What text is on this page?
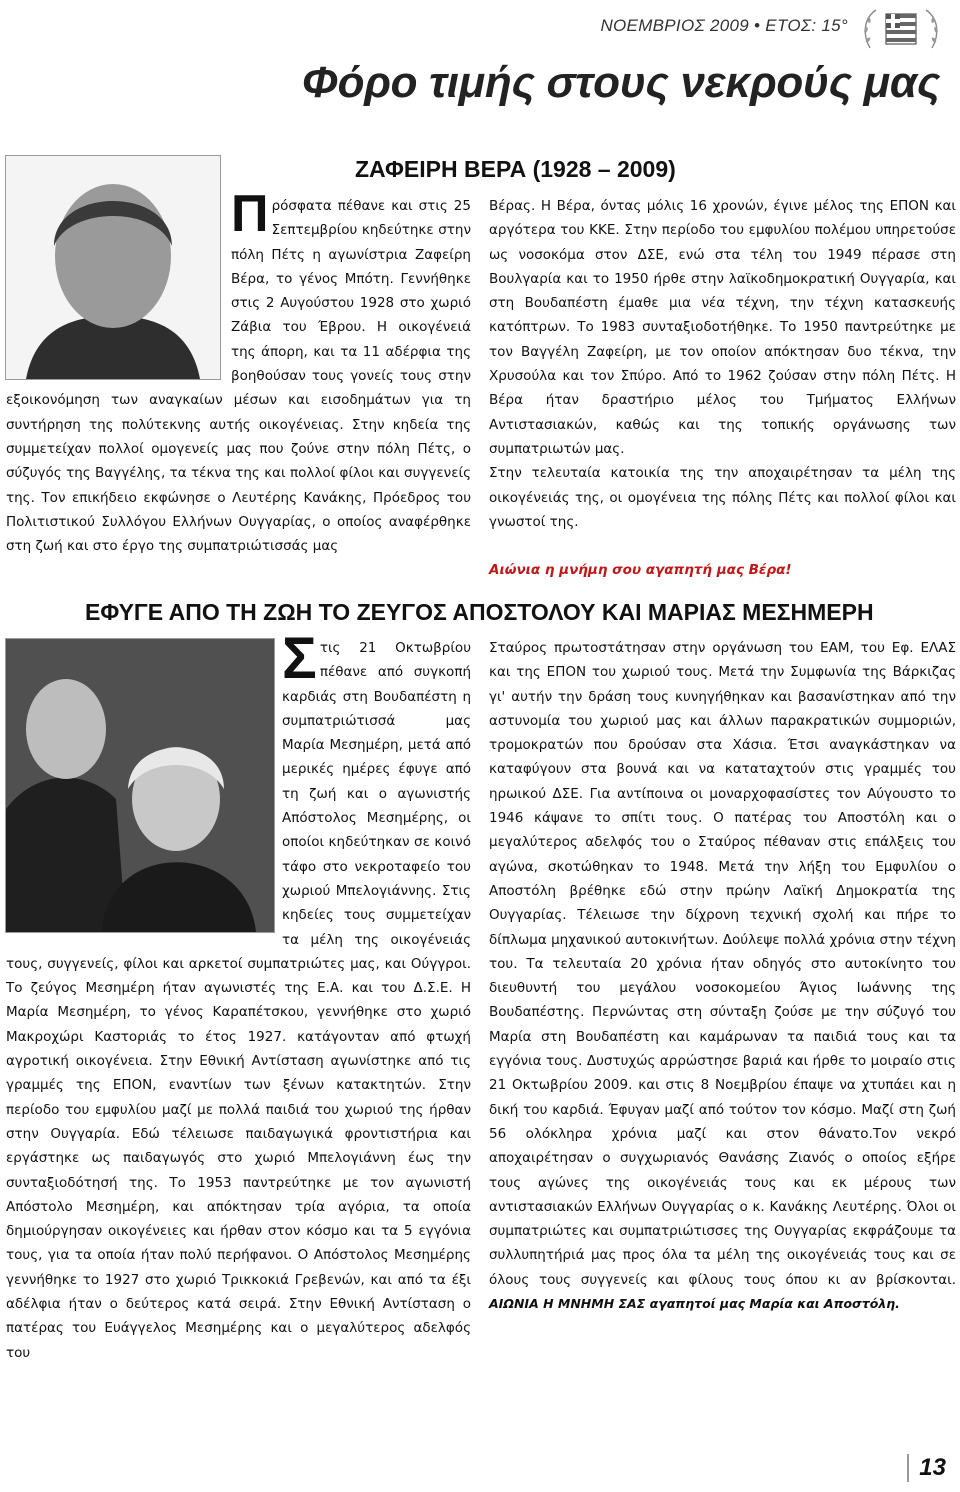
ΝΟΕΜΒΡΙΟΣ 2009 • ΕΤΟΣ: 15°
Φόρο τιμής στους νεκρούς μας
ΖΑΦΕΙΡΗ ΒΕΡΑ (1928 – 2009)

Πρόσφατα πέθανε και στις 25 Σεπτεμβρίου κηδεύτηκε στην πόλη Πέτς η αγωνίστρια Ζαφείρη Βέρα, το γένος Μπότη. Γεννήθηκε στις 2 Αυγούστου 1928 στο χωριό Ζάβια του Έβρου. Η οικογένειά της άπορη, και τα 11 αδέρφια της βοηθούσαν τους γονείς τους στην εξοικονόμηση των αναγκαίων μέσων και εισοδημάτων για τη συντήρηση της πολύτεκνης αυτής οικογένειας. Στην κηδεία της συμμετείχαν πολλοί ομογενείς μας που ζούνε στην πόλη Πέτς, ο σύζυγός της Βαγγέλης, τα τέκνα της και πολλοί φίλοι και συγγενείς της. Τον επικήδειο εκφώνησε ο Λευτέρης Κανάκης, Πρόεδρος του Πολιτιστικού Συλλόγου Ελλήνων Ουγγαρίας, ο οποίος αναφέρθηκε στη ζωή και στο έργο της συμπατριώτισσάς μας

Βέρας. Η Βέρα, όντας μόλις 16 χρονών, έγινε μέλος της ΕΠΟΝ και αργότερα του ΚΚΕ. Στην περίοδο του εμφυλίου πολέμου υπηρετούσε ως νοσοκόμα στον ΔΣΕ, ενώ στα τέλη του 1949 πέρασε στη Βουλγαρία και το 1950 ήρθε στην λαϊκοδημοκρατική Ουγγαρία, και στη Βουδαπέστη έμαθε μια νέα τέχνη, την τέχνη κατασκευής κατόπτρων. Το 1983 συνταξιοδοτήθηκε. Το 1950 παντρεύτηκε με τον Βαγγέλη Ζαφείρη, με τον οποίον απόκτησαν δυο τέκνα, την Χρυσούλα και τον Σπύρο. Από το 1962 ζούσαν στην πόλη Πέτς. Η Βέρα ήταν δραστήριο μέλος του Τμήματος Ελλήνων Αντιστασιακών, καθώς και της τοπικής οργάνωσης των συμπατριωτών μας.

Στην τελευταία κατοικία της την αποχαιρέτησαν τα μέλη της οικογένειάς της, οι ομογένεια της πόλης Πέτς και πολλοί φίλοι και γνωστοί της.

Αιώνια η μνήμη σου αγαπητή μας Βέρα!

ΕΦΥΓΕ ΑΠΟ ΤΗ ΖΩΗ ΤΟ ΖΕΥΓΟΣ ΑΠΟΣΤΟΛΟΥ ΚΑΙ ΜΑΡΙΑΣ ΜΕΣΗΜΕΡΗ

Στις 21 Οκτωβρίου πέθανε από συγκοπή καρδιάς στη Βουδαπέστη η συμπατριώτισσά μας Μαρία Μεσημέρη, μετά από μερικές ημέρες έφυγε από τη ζωή και ο αγωνιστής Απόστολος Μεσημέρης, οι οποίοι κηδεύτηκαν σε κοινό τάφο στο νεκροταφείο του χωριού Μπελογιάννης. Στις κηδείες τους συμμετείχαν τα μέλη της οικογένειάς τους, συγγενείς, φίλοι και αρκετοί συμπατριώτες μας, και Ούγγροι. Το ζεύγος Μεσημέρη ήταν αγωνιστές της Ε.Α. και του Δ.Σ.Ε. Η Μαρία Μεσημέρη, το γένος Καραπέτσκου, γεννήθηκε στο χωριό Μακροχώρι Καστοριάς το έτος 1927. κατάγονταν από φτωχή αγροτική οικογένεια. Στην Εθνική Αντίσταση αγωνίστηκε από τις γραμμές της ΕΠΟΝ, εναντίων των ξένων κατακτητών. Στην περίοδο του εμφυλίου μαζί με πολλά παιδιά του χωριού της ήρθαν στην Ουγγαρία. Εδώ τέλειωσε παιδαγωγικά φροντιστήρια και εργάστηκε ως παιδαγωγός στο χωριό Μπελογιάννη έως την συνταξιοδότησή της. Το 1953 παντρεύτηκε με τον αγωνιστή Απόστολο Μεσημέρη, και απόκτησαν τρία αγόρια, τα οποία δημιούργησαν οικογένειες και ήρθαν στον κόσμο και τα 5 εγγόνια τους, για τα οποία ήταν πολύ περήφανοι. Ο Απόστολος Μεσημέρης γεννήθηκε το 1927 στο χωριό Τρικκοκιά Γρεβενών, και από τα έξι αδέλφια ήταν ο δεύτερος κατά σειρά. Στην Εθνική Αντίσταση ο πατέρας του Ευάγγελος Μεσημέρης και ο μεγαλύτερος αδελφός του

Σταύρος πρωτοστάτησαν στην οργάνωση του ΕΑΜ, του Εφ. ΕΛΑΣ και της ΕΠΟΝ του χωριού τους. Μετά την Συμφωνία της Βάρκιζας γι' αυτήν την δράση τους κυνηγήθηκαν και βασανίστηκαν από την αστυνομία του χωριού μας και άλλων παρακρατικών συμμοριών, τρομοκρατών που δρούσαν στα Χάσια. Έτσι αναγκάστηκαν να καταφύγουν στα βουνά και να καταταχτούν στις γραμμές του ηρωικού ΔΣΕ. Για αντίποινα οι μοναρχοφασίστες τον Αύγουστο το 1946 κάψανε το σπίτι τους. Ο πατέρας του Αποστόλη και ο μεγαλύτερος αδελφός του ο Σταύρος πέθαναν στις επάλξεις του αγώνα, σκοτώθηκαν το 1948. Μετά την λήξη του Εμφυλίου ο Αποστόλη βρέθηκε εδώ στην πρώην Λαϊκή Δημοκρατία της Ουγγαρίας. Τέλειωσε την δίχρονη τεχνική σχολή και πήρε το δίπλωμα μηχανικού αυτοκινήτων. Δούλεψε πολλά χρόνια στην τέχνη του. Τα τελευταία 20 χρόνια ήταν οδηγός στο αυτοκίνητο του διευθυντή του μεγάλου νοσοκομείου Άγιος Ιωάννης της Βουδαπέστης. Περνώντας στη σύνταξη ζούσε με την σύζυγό του Μαρία στη Βουδαπέστη και καμάρωναν τα παιδιά τους και τα εγγόνια τους. Δυστυχώς αρρώστησε βαριά και ήρθε το μοιραίο στις 21 Οκτωβρίου 2009. και στις 8 Νοεμβρίου έπαψε να χτυπάει και η δική του καρδιά. Έφυγαν μαζί από τούτον τον κόσμο. Μαζί στη ζωή 56 ολόκληρα χρόνια μαζί και στον θάνατο.Τον νεκρό αποχαιρέτησαν ο συγχωριανός Θανάσης Ζιανός ο οποίος εξήρε τους αγώνες της οικογένειάς τους και εκ μέρους των αντιστασιακών Ελλήνων Ουγγαρίας ο κ. Κανάκης Λευτέρης. Όλοι οι συμπατριώτες και συμπατριώτισσες της Ουγγαρίας εκφράζουμε τα συλλυπητήριά μας προς όλα τα μέλη της οικογένειάς τους και σε όλους τους συγγενείς και φίλους τους όπου κι αν βρίσκονται. ΑΙΩΝΙΑ Η ΜΝΗΜΗ ΣΑΣ αγαπητοί μας Μαρία και Αποστόλη.

13
